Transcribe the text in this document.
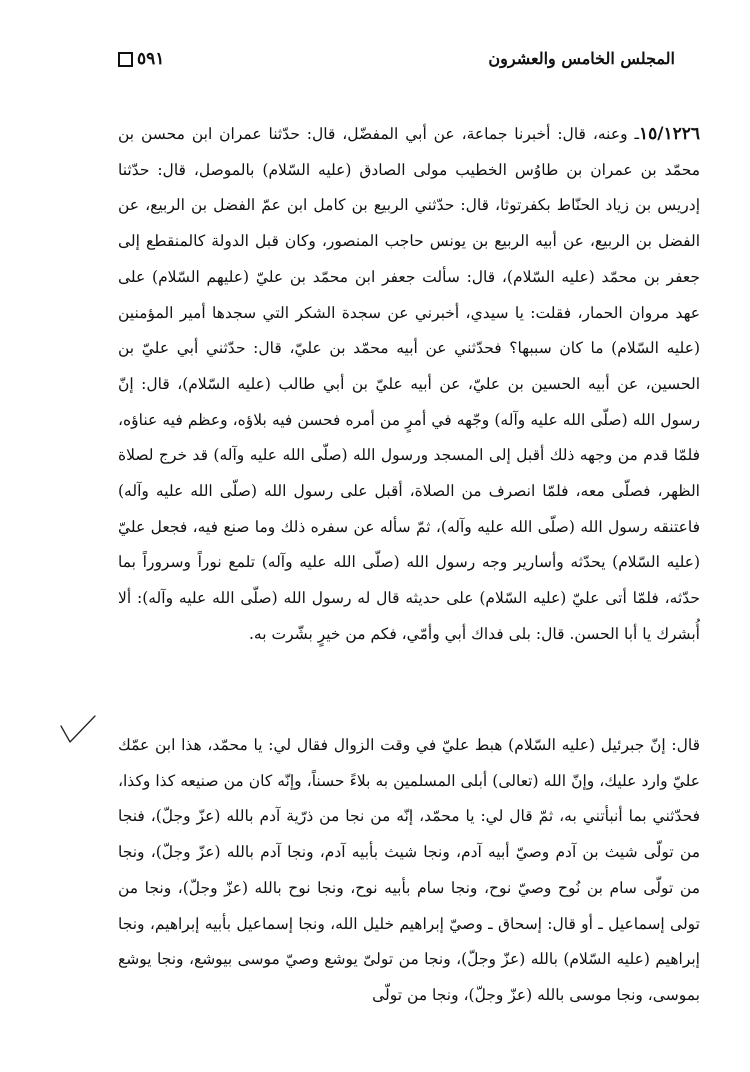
٥٩١	المجلس الخامس والعشرون
١٥/١٢٢٦ـ وعنه، قال: أخبرنا جماعة، عن أبي المفضّل، قال: حدّثنا عمران ابن محسن بن محمّد بن عمران بن طاوُس الخطيب مولى الصادق (عليه السّلام) بالموصل، قال: حدّثنا إدريس بن زياد الحنّاط بكفرتوثا، قال: حدّثني الربيع بن كامل ابن عمّ الفضل بن الربيع، عن الفضل بن الربيع، عن أبيه الربيع بن يونس حاجب المنصور، وكان قبل الدولة كالمنقطع إلى جعفر بن محمّد (عليه السّلام)، قال: سألت جعفر ابن محمّد بن عليّ (عليهم السّلام) على عهد مروان الحمار، فقلت: يا سيدي، أخبرني عن سجدة الشكر التي سجدها أمير المؤمنين (عليه السّلام) ما كان سببها؟ فحدّثني عن أبيه محمّد بن عليّ، قال: حدّثني أبي عليّ بن الحسين، عن أبيه الحسين بن عليّ، عن أبيه عليّ بن أبي طالب (عليه السّلام)، قال: إنّ رسول الله (صلّى الله عليه وآله) وجّهه في أمرٍ من أمره فحسن فيه بلاؤه، وعظم فيه عناؤه، فلمّا قدم من وجهه ذلك أقبل إلى المسجد ورسول الله (صلّى الله عليه وآله) قد خرج لصلاة الظهر، فصلّى معه، فلمّا انصرف من الصلاة، أقبل على رسول الله (صلّى الله عليه وآله) فاعتنقه رسول الله (صلّى الله عليه وآله)، ثمّ سأله عن سفره ذلك وما صنع فيه، فجعل عليّ (عليه السّلام) يحدّثه وأسارير وجه رسول الله (صلّى الله عليه وآله) تلمع نوراً وسروراً بما حدّثه، فلمّا أتى عليّ (عليه السّلام) على حديثه قال له رسول الله (صلّى الله عليه وآله): ألا أُبشرك يا أبا الحسن. قال: بلى فداك أبي وأمّي، فكم من خيرٍ بشّرت به.
قال: إنّ جبرئيل (عليه السّلام) هبط عليّ في وقت الزوال فقال لي: يا محمّد، هذا ابن عمّك عليّ وارد عليك، وإنّ الله (تعالى) أبلى المسلمين به بلاءً حسناً، وإنّه كان من صنيعه كذا وكذا، فحدّثني بما أنبأتني به، ثمّ قال لي: يا محمّد، إنّه من نجا من ذرّية آدم بالله (عزّ وجلّ)، فنجا من تولّى شيث بن آدم وصيّ أبيه آدم، ونجا شيث بأبيه آدم، ونجا آدم بالله (عزّ وجلّ)، ونجا من تولّى سام بن نُوح وصيّ نوح، ونجا سام بأبيه نوح، ونجا نوح بالله (عزّ وجلّ)، ونجا من تولى إسماعيل ـ أو قال: إسحاق ـ وصيّ إبراهيم خليل الله، ونجا إسماعيل بأبيه إبراهيم، ونجا إبراهيم (عليه السّلام) بالله (عزّ وجلّ)، ونجا من تولىّ يوشع وصيّ موسى بيوشع، ونجا يوشع بموسى، ونجا موسى بالله (عزّ وجلّ)، ونجا من تولّى
